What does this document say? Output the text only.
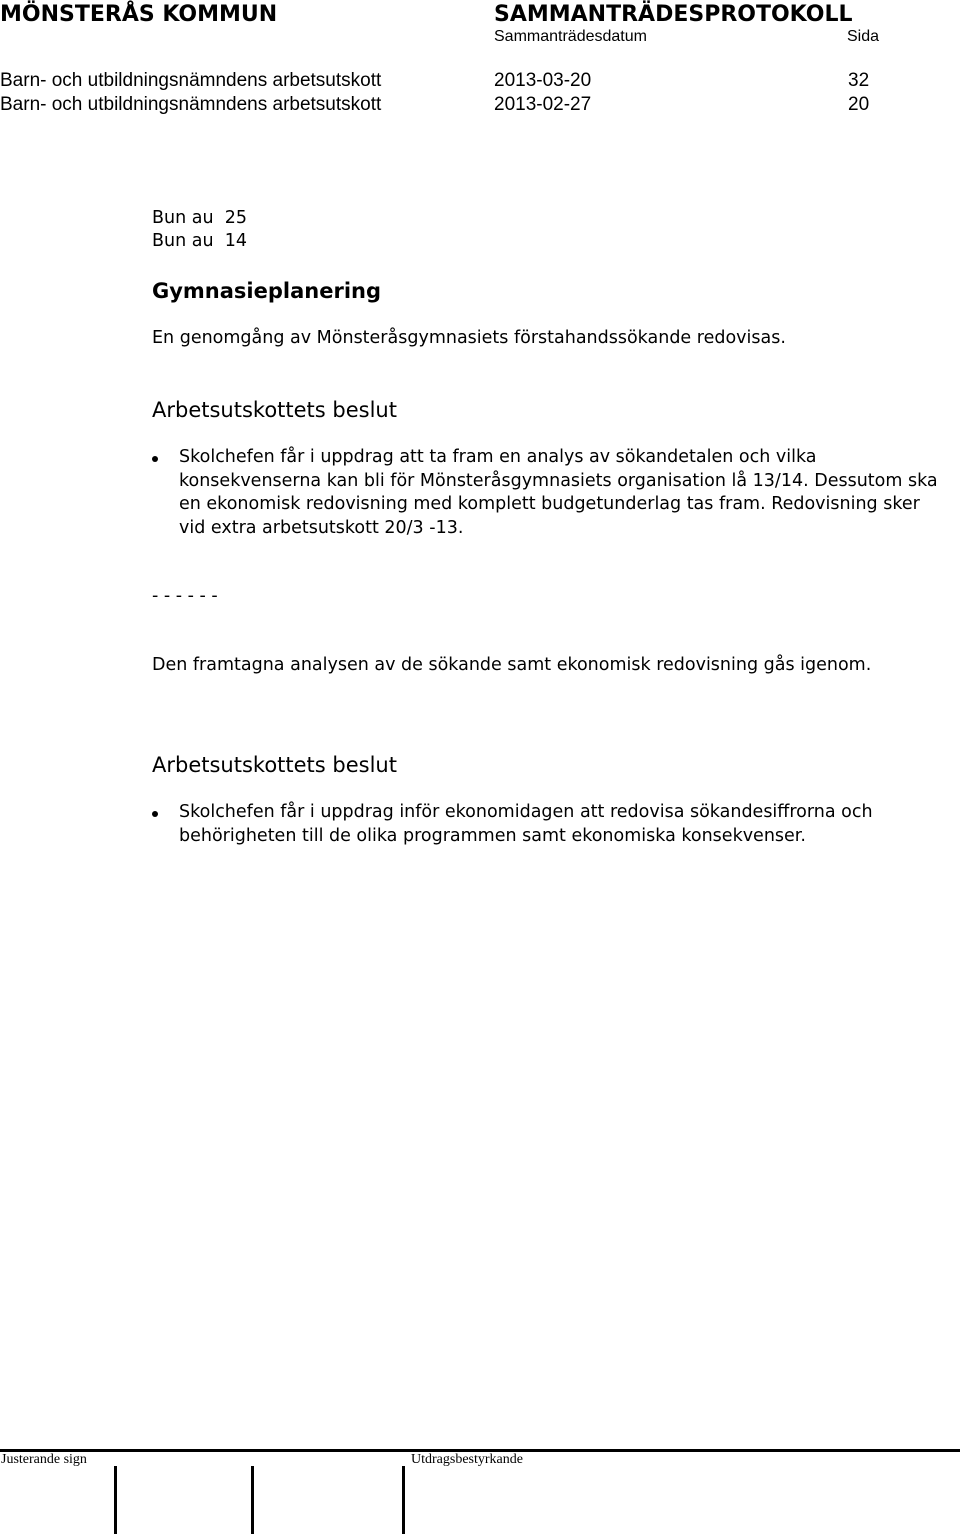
MÖNSTERÅS KOMMUN	SAMMANTRÄDESPROTOKOLL
Sammanträdesdatum	Sida
Barn- och utbildningsnämndens arbetsutskott	2013-03-20	32
Barn- och utbildningsnämndens arbetsutskott	2013-02-27	20
Bun au  25
Bun au  14
Gymnasieplanering
En genomgång av Mönsteråsgymnasiets förstahandssökande redovisas.
Arbetsutskottets beslut
Skolchefen får i uppdrag att ta fram en analys av sökandetalen och vilka konsekvenserna kan bli för Mönsteråsgymnasiets organisation lå 13/14. Dessutom ska en ekonomisk redovisning med komplett budgetunderlag tas fram. Redovisning sker vid extra arbetsutskott 20/3 -13.
- - - - - -
Den framtagna analysen av de sökande samt ekonomisk redovisning gås igenom.
Arbetsutskottets beslut
Skolchefen får i uppdrag inför ekonomidagen att redovisa sökandesiffrorna och behörigheten till de olika programmen samt ekonomiska konsekvenser.
Justerande sign	Utdragsbestyrkande
